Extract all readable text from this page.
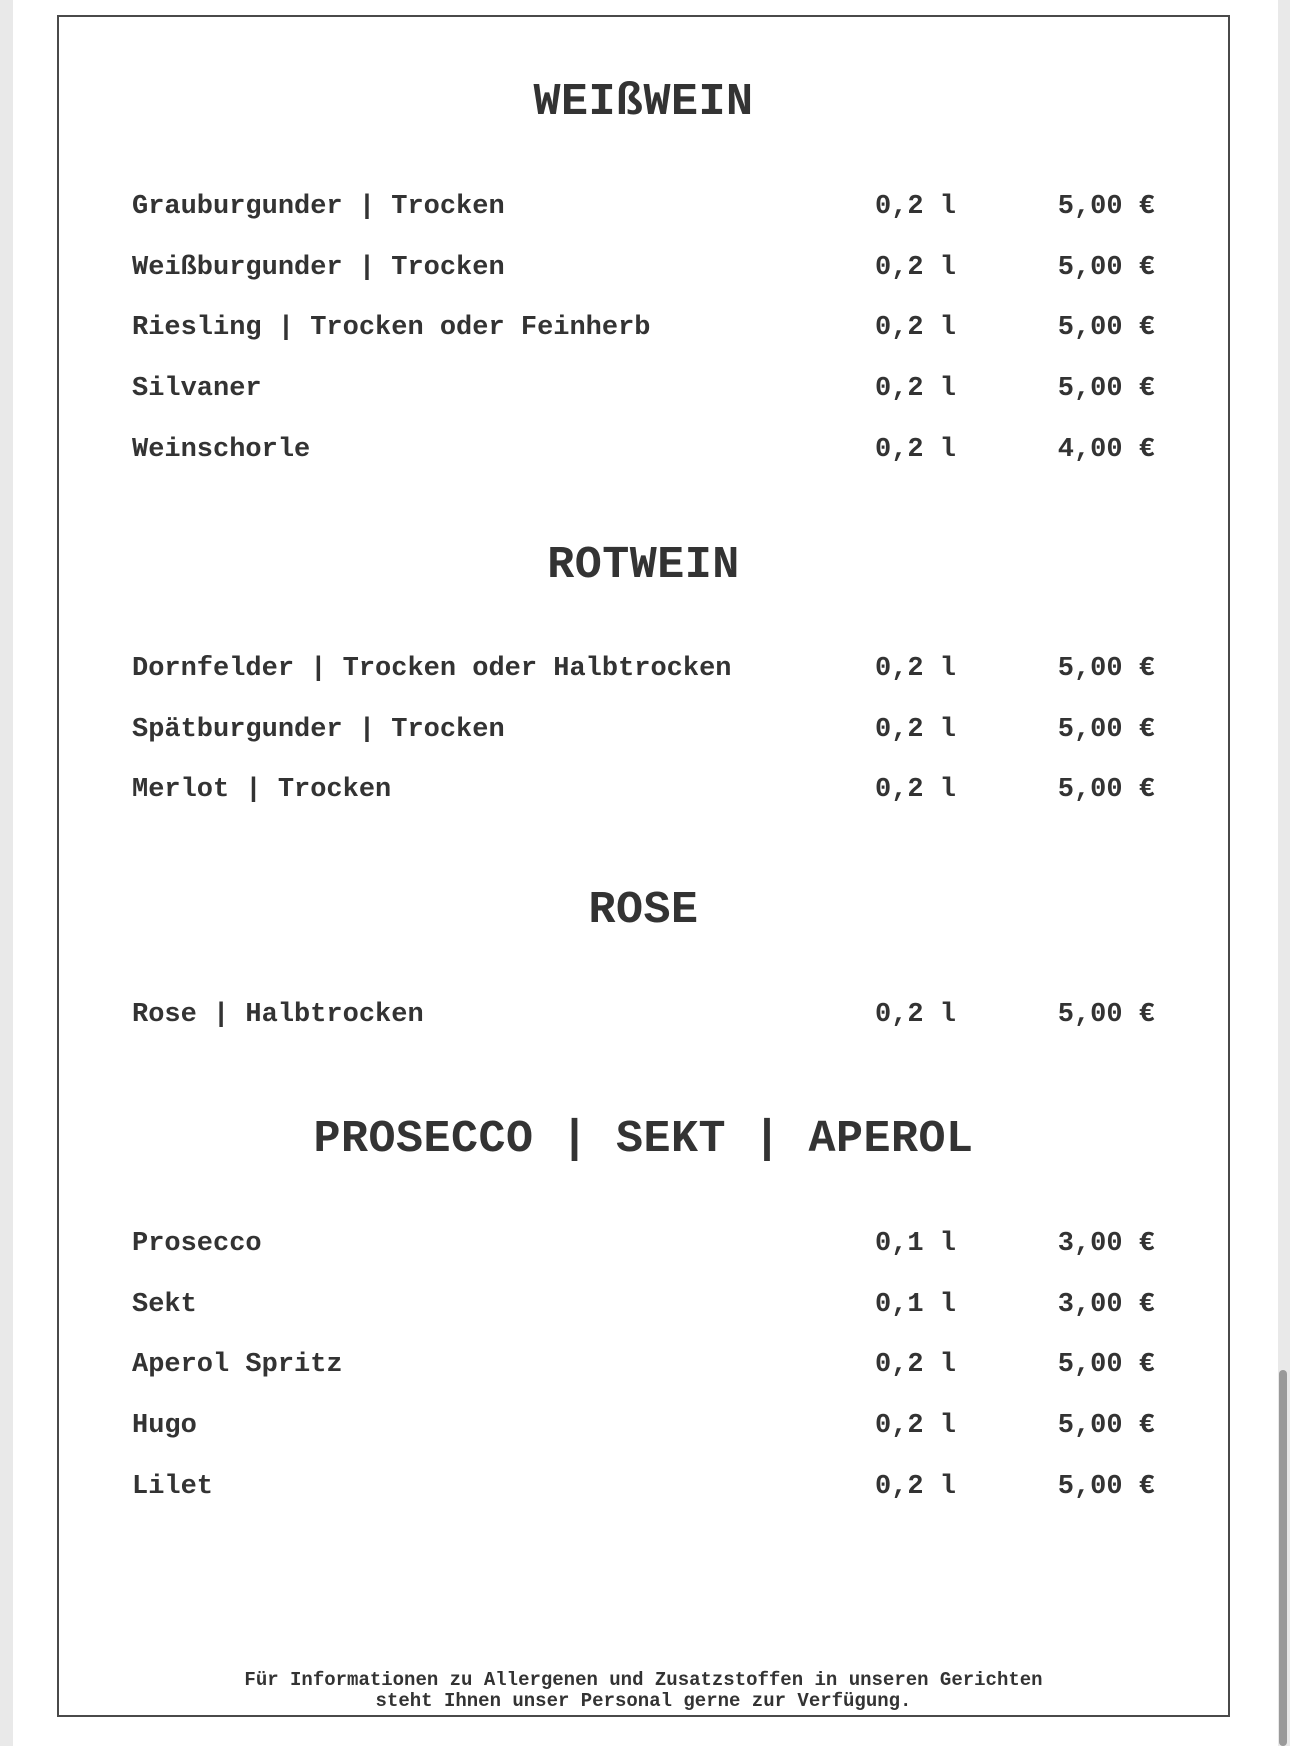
WEIßWEIN
Grauburgunder | Trocken	0,2 l	5,00 €
Weißburgunder | Trocken	0,2 l	5,00 €
Riesling | Trocken oder Feinherb	0,2 l	5,00 €
Silvaner	0,2 l	5,00 €
Weinschorle	0,2 l	4,00 €
ROTWEIN
Dornfelder | Trocken oder Halbtrocken	0,2 l	5,00 €
Spätburgunder | Trocken	0,2 l	5,00 €
Merlot | Trocken	0,2 l	5,00 €
ROSE
Rose | Halbtrocken	0,2 l	5,00 €
PROSECCO | SEKT | APEROL
Prosecco	0,1 l	3,00 €
Sekt	0,1 l	3,00 €
Aperol Spritz	0,2 l	5,00 €
Hugo	0,2 l	5,00 €
Lilet	0,2 l	5,00 €
Für Informationen zu Allergenen und Zusatzstoffen in unseren Gerichten
steht Ihnen unser Personal gerne zur Verfügung.
